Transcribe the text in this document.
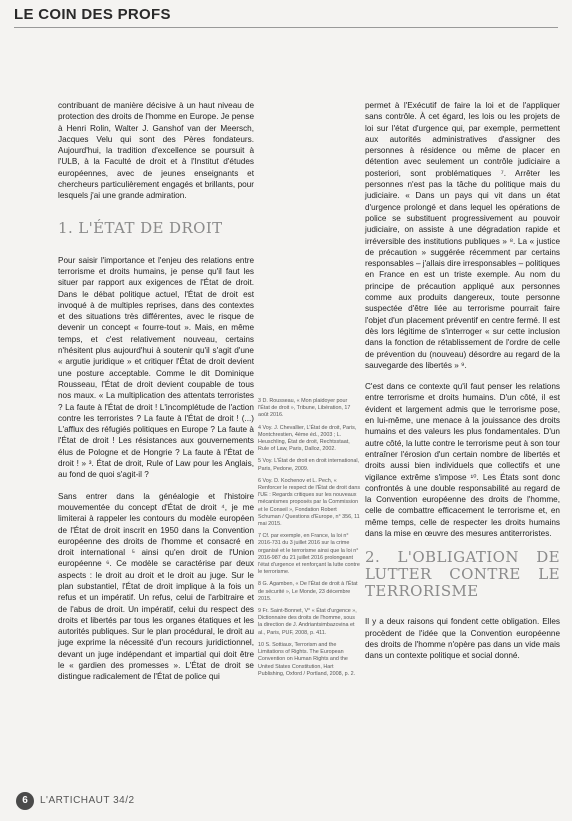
LE COIN DES PROFS

contribuant de manière décisive à un haut niveau de protection des droits de l'homme en Europe. Je pense à Henri Rolin, Walter J. Ganshof van der Meersch, Jacques Velu qui sont des Pères fondateurs. Aujourd'hui, la tradition d'excellence se poursuit à l'ULB, à la Faculté de droit et à l'Institut d'études européennes, avec de jeunes enseignants et chercheurs particulièrement engagés et brillants, pour lesquels j'ai une grande admiration.

1. L'ÉTAT DE DROIT

Pour saisir l'importance et l'enjeu des relations entre terrorisme et droits humains, je pense qu'il faut les situer par rapport aux exigences de l'État de droit. Dans le débat politique actuel, l'État de droit est invoqué à de multiples reprises, dans des contextes et des situations très différentes, avec le risque de devenir un concept « fourre-tout ». Mais, en même temps, et c'est relativement nouveau, certains n'hésitent plus aujourd'hui à soutenir qu'il s'agit d'une « argutie juridique » et critiquer l'État de droit devient une posture acceptable. Comme le dit Dominique Rousseau, l'État de droit devient coupable de tous nos maux. « La multiplication des attentats terroristes ? La faute à l'État de droit ! L'incomplétude de l'action contre les terroristes ? La faute à l'État de droit ! (...) L'afflux des réfugiés politiques en Europe ? La faute à l'État de droit ! Les résistances aux gouvernements élus de Pologne et de Hongrie ? La faute à l'État de droit ! » ³. État de droit, Rule of Law pour les Anglais, au fond de quoi s'agit-il ?

Sans entrer dans la généalogie et l'histoire mouvementée du concept d'État de droit ⁴, je me limiterai à rappeler les contours du modèle européen de l'État de droit inscrit en 1950 dans la Convention européenne des droits de l'homme et consacré en droit international ⁵ ainsi qu'en droit de l'Union européenne ⁶. Ce modèle se caractérise par deux aspects : le droit au droit et le droit au juge. Sur le plan substantiel, l'État de droit implique à la fois un refus et un impératif. Un refus, celui de l'arbitraire et de l'abus de droit. Un impératif, celui du respect des droits et libertés par tous les organes étatiques et les autorités publiques. Sur le plan procédural, le droit au juge exprime la nécessité d'un recours juridictionnel, devant un juge indépendant et impartial qui doit être le « gardien des promesses ». L'État de droit se distingue radicalement de l'État de police qui

3 D. Rousseau, « Mon plaidoyer pour l'État de droit », Tribune, Libération, 17 août 2016.

4 Voy. J. Chevallier, L'État de droit, Paris, Montchrestien, 4ème éd., 2003 ; L. Heuschling, État de droit, Rechtsstaat, Rule of Law, Paris, Dalloz, 2002.

5 Voy. L'État de droit en droit international, Paris, Pedone, 2009.

6 Voy. D. Kochenov et L. Pech, « Renforcer le respect de l'État de droit dans l'UE : Regards critiques sur les nouveaux mécanismes proposés par la Commission et le Conseil », Fondation Robert Schuman / Questions d'Europe, n° 356, 11 mai 2015.

7 Cf. par exemple, en France, la loi n° 2016-731 du 3 juillet 2016 sur la crime organisé et le terrorisme ainsi que la loi n° 2016-987 du 21 juillet 2016 prolongeant l'état d'urgence et renforçant la lutte contre le terrorisme.

8 G. Agamben, « De l'État de droit à l'État de sécurité », Le Monde, 23 décembre 2015.

9 Fr. Saint-Bonnet, V° « État d'urgence », Dictionnaire des droits de l'homme, sous la direction de J. Andriantsimbazovina et al., Paris, PUF, 2008, p. 411.

10 S. Sottiaux, Terrorism and the Limitations of Rights. The European Convention on Human Rights and the United States Constitution, Hart Publishing, Oxford / Portland, 2008, p. 2.

permet à l'Exécutif de faire la loi et de l'appliquer sans contrôle. À cet égard, les lois ou les projets de loi sur l'état d'urgence qui, par exemple, permettent aux autorités administratives d'assigner des personnes à résidence ou même de placer en détention avec seulement un contrôle judiciaire a posteriori, sont problématiques ⁷. Arrêter les personnes n'est pas la tâche du politique mais du judiciaire. « Dans un pays qui vit dans un état d'urgence prolongé et dans lequel les opérations de police se substituent progressivement au pouvoir judiciaire, on assiste à une dégradation rapide et irréversible des institutions publiques » ⁸. La « justice de précaution » suggérée récemment par certains responsables – j'allais dire irresponsables – politiques en France en est un triste exemple. Au nom du principe de précaution appliqué aux personnes comme aux produits dangereux, toute personne suspectée d'être liée au terrorisme pourrait faire l'objet d'un placement préventif en centre fermé. Il est dès lors légitime de s'interroger « sur cette inclusion dans la fonction de rétablissement de l'ordre de celle de prévention du (nouveau) désordre au regard de la sauvegarde des libertés » ⁹.

C'est dans ce contexte qu'il faut penser les relations entre terrorisme et droits humains. D'un côté, il est évident et largement admis que le terrorisme pose, en lui-même, une menace à la jouissance des droits humains et des valeurs les plus fondamentales. D'un autre côté, la lutte contre le terrorisme peut à son tour entraîner l'érosion d'un certain nombre de libertés et droits aussi bien individuels que collectifs et une vigilance extrême s'impose ¹⁰. Les États sont donc confrontés à une double responsabilité au regard de la Convention européenne des droits de l'homme, celle de combattre efficacement le terrorisme et, en même temps, celle de respecter les droits humains dans la mise en œuvre des mesures antiterroristes.

2. L'OBLIGATION DE LUTTER CONTRE LE TERRORISME

Il y a deux raisons qui fondent cette obligation. Elles procèdent de l'idée que la Convention européenne des droits de l'homme n'opère pas dans un vide mais dans un contexte politique et social donné.

6	L'ARTICHAUT 34/2
